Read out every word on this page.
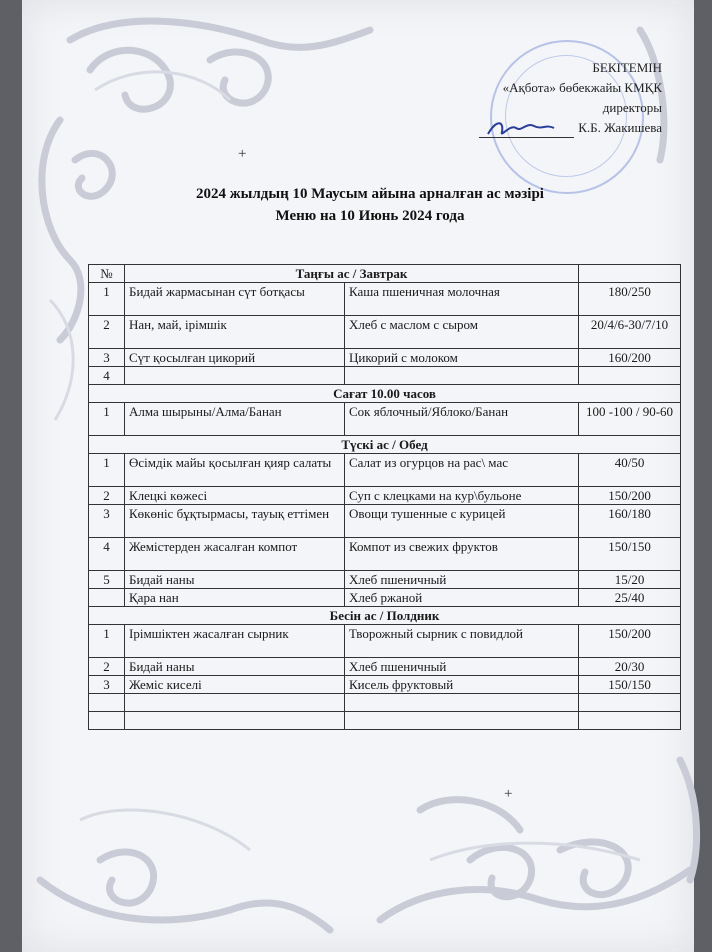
БЕКІТЕМІН
«Ақбота» бөбекжайы КМҚК
директоры
К.Б. Жакишева
+
+
2024 жылдың 10 Маусым айына арналған ас мәзірі
Меню на 10 Июнь 2024 года
№	Таңғы ас / Завтрак		
1	Бидай жармасынан сүт ботқасы	Каша пшеничная молочная	180/250
2	Нан, май, ірімшік	Хлеб с маслом с сыром	20/4/6-30/7/10
3	Сүт қосылған цикорий	Цикорий с молоком	160/200
4			
Сағат 10.00 часов			
1	Алма шырыны/Алма/Банан	Сок яблочный/Яблоко/Банан	100 -100 / 90-60
Түскі ас / Обед			
1	Өсімдік майы қосылған қияр салаты	Салат из огурцов на рас\ мас	40/50
2	Клецкі көжесі	Суп с клецками на кур\бульоне	150/200
3	Көкөніс бұқтырмасы, тауық еттімен	Овощи тушенные с курицей	160/180
4	Жемістерден жасалған компот	Компот из свежих фруктов	150/150
5	Бидай наны	Хлеб пшеничный	15/20
	Қара нан	Хлеб ржаной	25/40
Бесін ас / Полдник			
1	Ірімшіктен жасалған сырник	Творожный сырник с повидлой	150/200
2	Бидай наны	Хлеб пшеничный	20/30
3	Жеміс киселі	Кисель фруктовый	150/150
